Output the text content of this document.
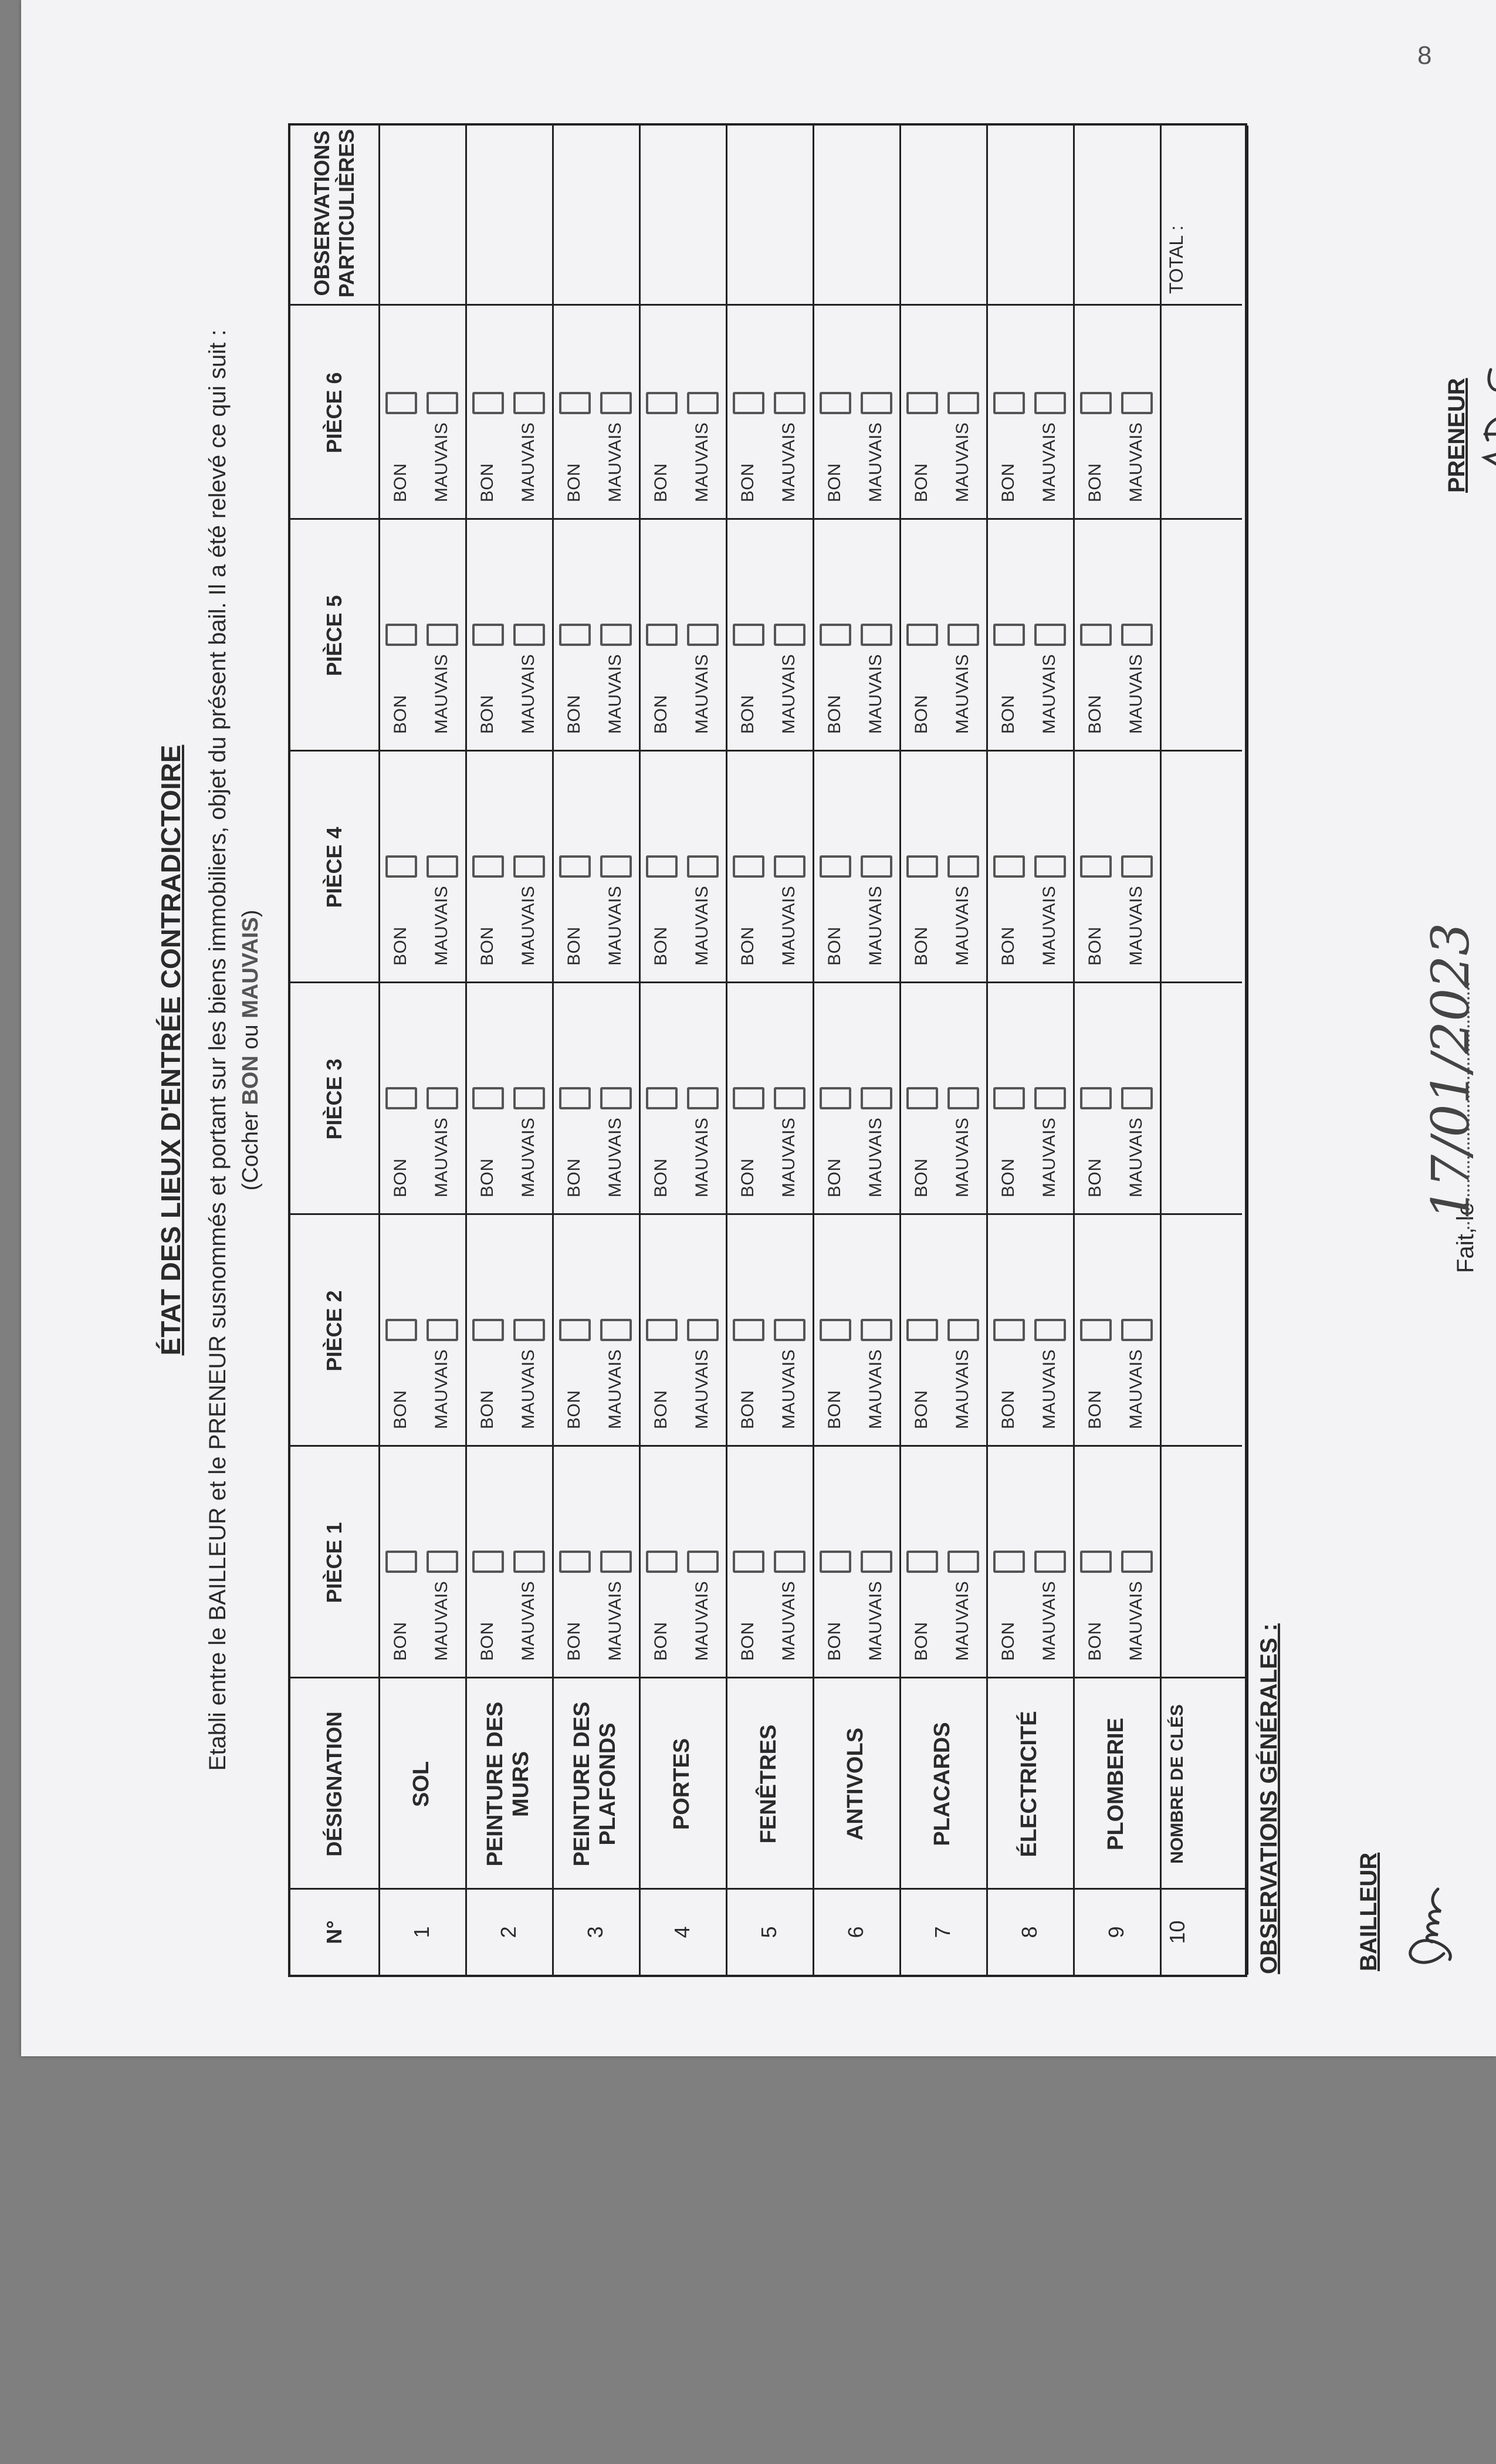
8
ÉTAT DES LIEUX D'ENTRÉE CONTRADICTOIRE Etabli entre le BAILLEUR et le PRENEUR susnommés et portant sur les biens immobiliers, objet du présent bail. Il a été relevé ce qui suit : (Cocher BON ou MAUVAIS)
N°
DÉSIGNATION
PIÈCE 1
PIÈCE 2
PIÈCE 3
PIÈCE 4
PIÈCE 5
PIÈCE 6
OBSERVATIONS PARTICULIÈRES
1
SOL
BON MAUVAIS
BON MAUVAIS
BON MAUVAIS
BON MAUVAIS
BON MAUVAIS
BON MAUVAIS
2
PEINTURE DES MURS
BON MAUVAIS
BON MAUVAIS
BON MAUVAIS
BON MAUVAIS
BON MAUVAIS
BON MAUVAIS
3
PEINTURE DES PLAFONDS
BON MAUVAIS
BON MAUVAIS
BON MAUVAIS
BON MAUVAIS
BON MAUVAIS
BON MAUVAIS
4
PORTES
BON MAUVAIS
BON MAUVAIS
BON MAUVAIS
BON MAUVAIS
BON MAUVAIS
BON MAUVAIS
5
FENÊTRES
BON MAUVAIS
BON MAUVAIS
BON MAUVAIS
BON MAUVAIS
BON MAUVAIS
BON MAUVAIS
6
ANTIVOLS
BON MAUVAIS
BON MAUVAIS
BON MAUVAIS
BON MAUVAIS
BON MAUVAIS
BON MAUVAIS
7
PLACARDS
BON MAUVAIS
BON MAUVAIS
BON MAUVAIS
BON MAUVAIS
BON MAUVAIS
BON MAUVAIS
8
ÉLECTRICITÉ
BON MAUVAIS
BON MAUVAIS
BON MAUVAIS
BON MAUVAIS
BON MAUVAIS
BON MAUVAIS
9
PLOMBERIE
BON MAUVAIS
BON MAUVAIS
BON MAUVAIS
BON MAUVAIS
BON MAUVAIS
BON MAUVAIS
10
NOMBRE DE CLÉS
TOTAL :
OBSERVATIONS GÉNÉRALES :	BAILLEUR
Fait, le
17/01/2023
PRENEUR
